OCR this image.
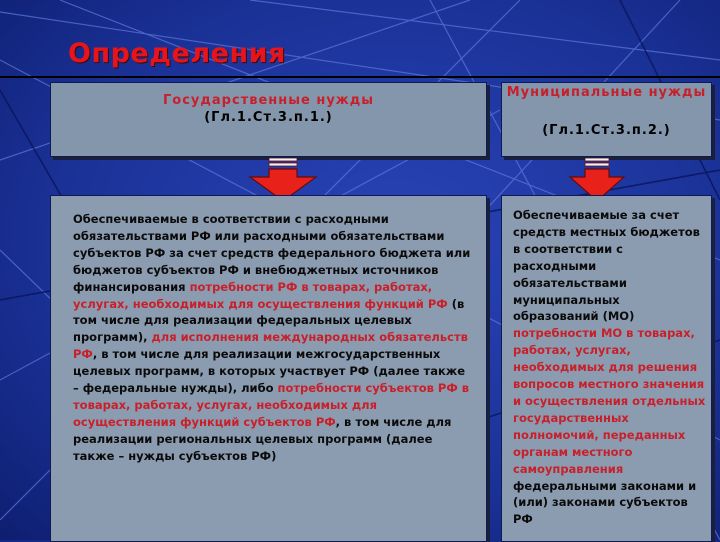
Определения
Государственные нужды
(Гл.1.Ст.3.п.1.)
Муниципальные нужды
(Гл.1.Ст.3.п.2.)
Обеспечиваемые в соответствии с расходными обязательствами РФ или расходными обязательствами субъектов РФ за счет средств федерального бюджета или бюджетов субъектов РФ и внебюджетных источников финансирования потребности РФ в товарах, работах, услугах, необходимых для осуществления функций РФ (в том числе для реализации федеральных целевых программ), для исполнения международных обязательств РФ, в том числе для реализации межгосударственных целевых программ, в которых участвует РФ (далее также – федеральные нужды), либо потребности субъектов РФ в товарах, работах, услугах, необходимых для осуществления функций субъектов РФ, в том числе для реализации региональных целевых программ (далее также – нужды субъектов РФ)
Обеспечиваемые за счет средств местных бюджетов в соответствии с расходными обязательствами муниципальных образований (МО) потребности МО в товарах, работах, услугах, необходимых для решения вопросов местного значения и осуществления отдельных государственных полномочий, переданных органам местного самоуправления федеральными законами и (или) законами субъектов РФ
